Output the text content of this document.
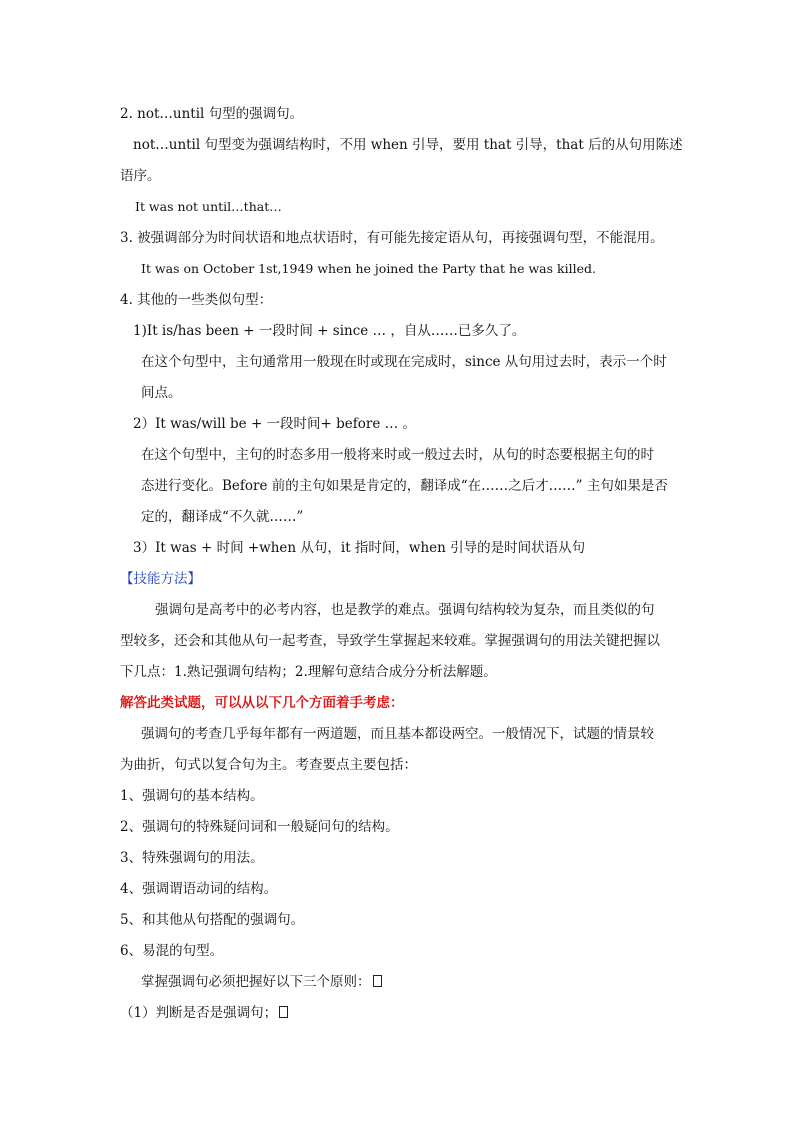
2. not…until 句型的强调句。
not…until 句型变为强调结构时，不用 when 引导，要用 that 引导，that 后的从句用陈述
语序。
It was not until…that…
3. 被强调部分为时间状语和地点状语时，有可能先接定语从句，再接强调句型，不能混用。
It was on October 1st,1949 when he joined the Party that he was killed.
4. 其他的一些类似句型：
1)It is/has been + 一段时间 + since … ，自从……已多久了。
在这个句型中，主句通常用一般现在时或现在完成时，since 从句用过去时，表示一个时
间点。
2）It was/will be + 一段时间+ before … 。
在这个句型中，主句的时态多用一般将来时或一般过去时，从句的时态要根据主句的时
态进行变化。Before 前的主句如果是肯定的，翻译成“在……之后才……” 主句如果是否
定的，翻译成“不久就……”
3）It was + 时间 +when 从句，it 指时间，when 引导的是时间状语从句
【技能方法】
强调句是高考中的必考内容，也是教学的难点。强调句结构较为复杂，而且类似的句
型较多，还会和其他从句一起考查，导致学生掌握起来较难。掌握强调句的用法关键把握以
下几点：1.熟记强调句结构；2.理解句意结合成分分析法解题。
解答此类试题，可以从以下几个方面着手考虑：
强调句的考查几乎每年都有一两道题，而且基本都设两空。一般情况下，试题的情景较
为曲折，句式以复合句为主。考查要点主要包括：
1、强调句的基本结构。
2、强调句的特殊疑问词和一般疑问句的结构。
3、特殊强调句的用法。
4、强调谓语动词的结构。
5、和其他从句搭配的强调句。
6、易混的句型。
掌握强调句必须把握好以下三个原则：
（1）判断是否是强调句；
